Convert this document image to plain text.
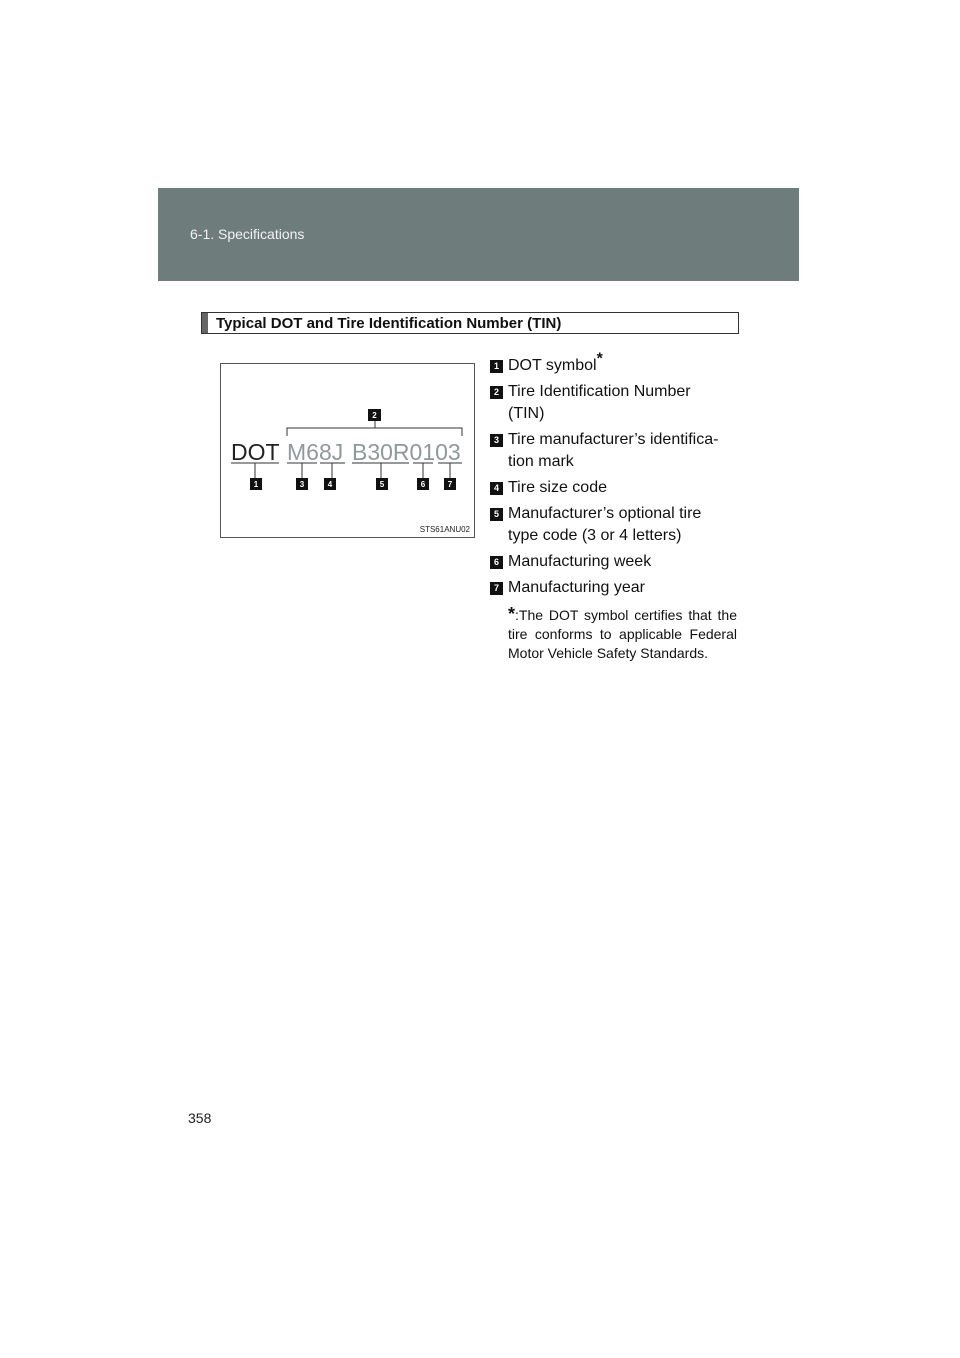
6-1. Specifications
Typical DOT and Tire Identification Number (TIN)
2
DOT M68J B30R0103
1	3	4	5	6	7
STS61ANU02
1 DOT symbol*
2 Tire Identification Number
(TIN)
3 Tire manufacturer’s identifica-
tion mark
4 Tire size code
5 Manufacturer’s optional tire
type code (3 or 4 letters)
6 Manufacturing week
7 Manufacturing year
*:The DOT symbol certifies that the tire conforms to applicable Federal Motor Vehicle Safety Standards.
358
